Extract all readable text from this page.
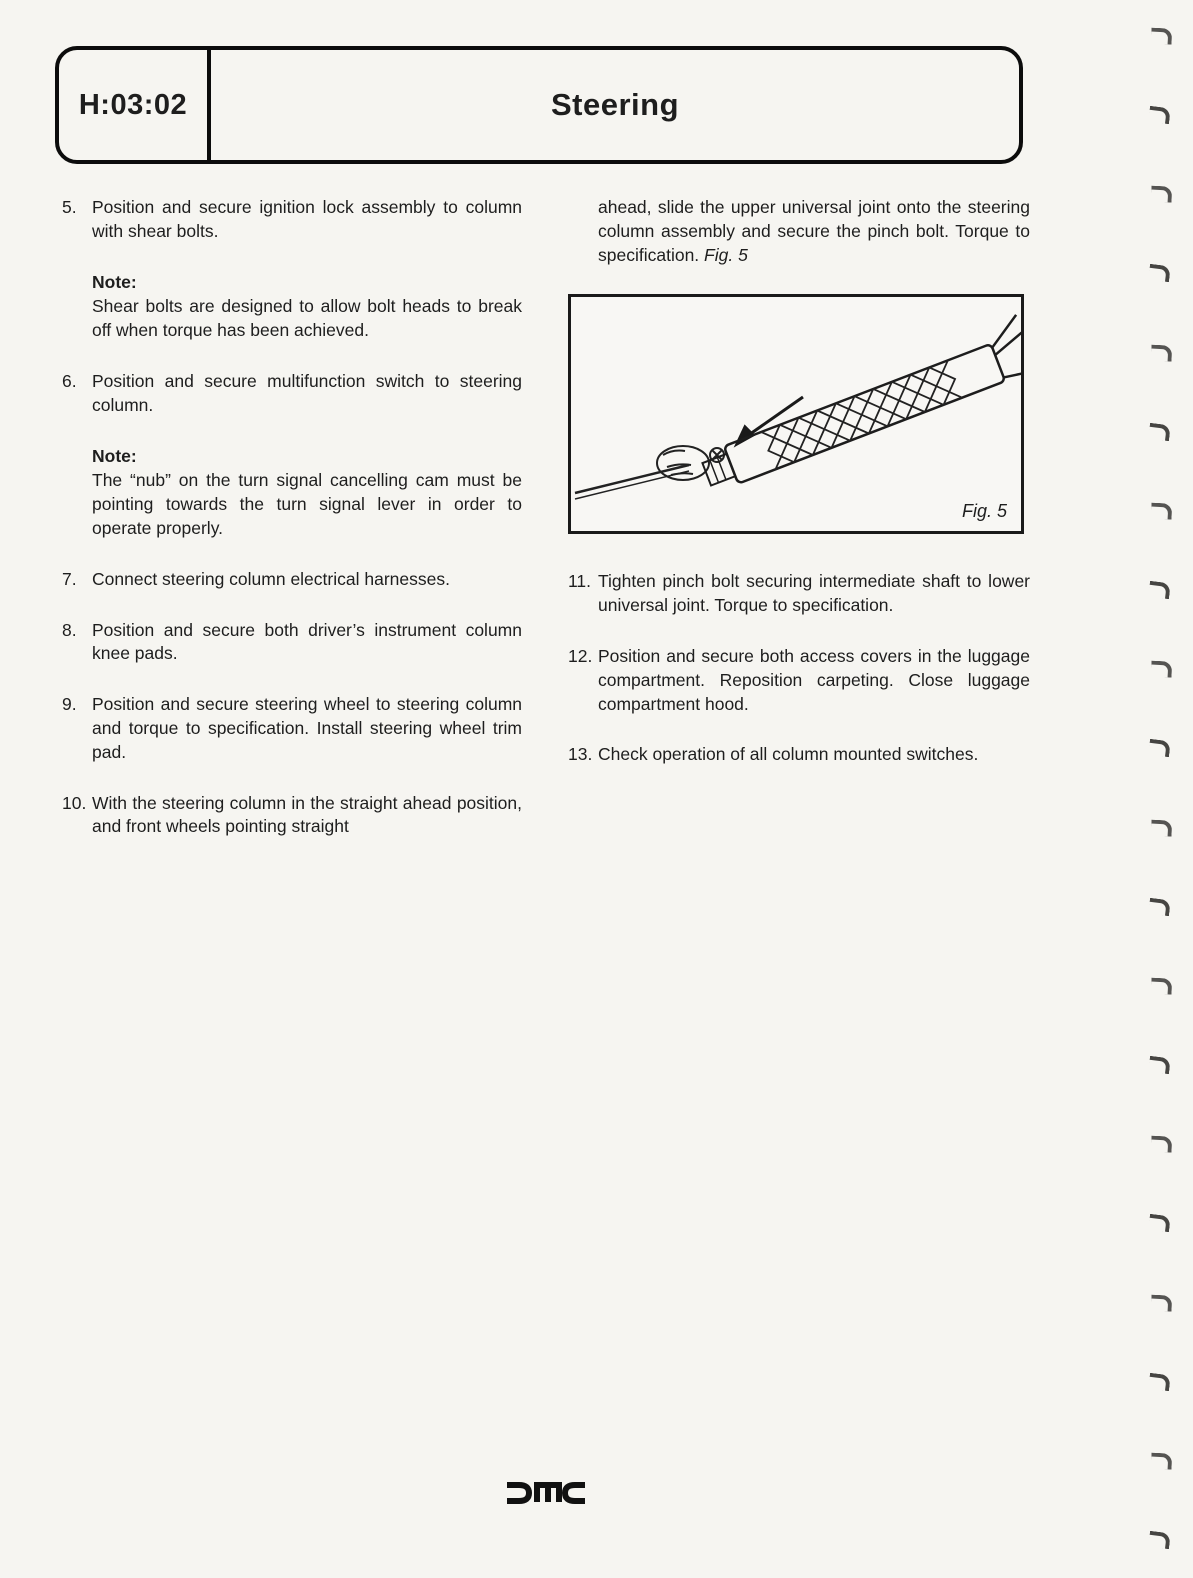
H:03:02	Steering
5. Position and secure ignition lock assembly to column with shear bolts.
Note:
Shear bolts are designed to allow bolt heads to break off when torque has been achieved.
6. Position and secure multifunction switch to steering column.
Note:
The “nub” on the turn signal cancelling cam must be pointing towards the turn signal lever in order to operate properly.
7. Connect steering column electrical harnesses.
8. Position and secure both driver’s instrument column knee pads.
9. Position and secure steering wheel to steering column and torque to specification. Install steering wheel trim pad.
10. With the steering column in the straight ahead position, and front wheels pointing straight
ahead, slide the upper universal joint onto the steering column assembly and secure the pinch bolt. Torque to specification. Fig. 5
Fig. 5
11. Tighten pinch bolt securing intermediate shaft to lower universal joint. Torque to specification.
12. Position and secure both access covers in the luggage compartment. Reposition carpeting. Close luggage compartment hood.
13. Check operation of all column mounted switches.
